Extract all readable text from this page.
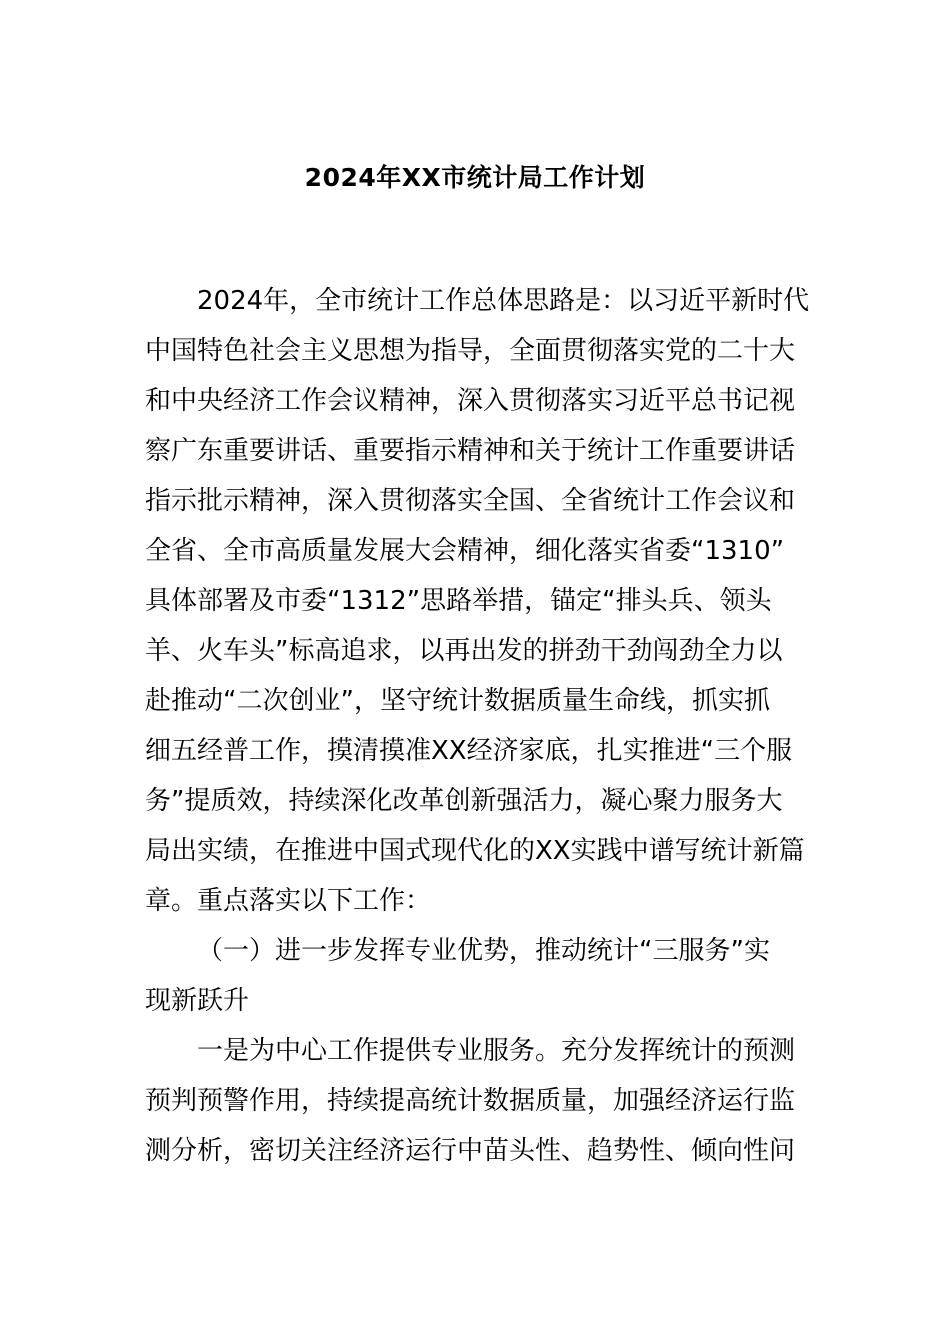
2024年XX市统计局工作计划
2024年，全市统计工作总体思路是：以习近平新时代
中国特色社会主义思想为指导，全面贯彻落实党的二十大
和中央经济工作会议精神，深入贯彻落实习近平总书记视
察广东重要讲话、重要指示精神和关于统计工作重要讲话
指示批示精神，深入贯彻落实全国、全省统计工作会议和
全省、全市高质量发展大会精神，细化落实省委“1310”
具体部署及市委“1312”思路举措，锚定“排头兵、领头
羊、火车头”标高追求，以再出发的拼劲干劲闯劲全力以
赴推动“二次创业”，坚守统计数据质量生命线，抓实抓
细五经普工作，摸清摸准XX经济家底，扎实推进“三个服
务”提质效，持续深化改革创新强活力，凝心聚力服务大
局出实绩，在推进中国式现代化的XX实践中谱写统计新篇
章。重点落实以下工作：
（一）进一步发挥专业优势，推动统计“三服务”实
现新跃升
一是为中心工作提供专业服务。充分发挥统计的预测
预判预警作用，持续提高统计数据质量，加强经济运行监
测分析，密切关注经济运行中苗头性、趋势性、倾向性问
